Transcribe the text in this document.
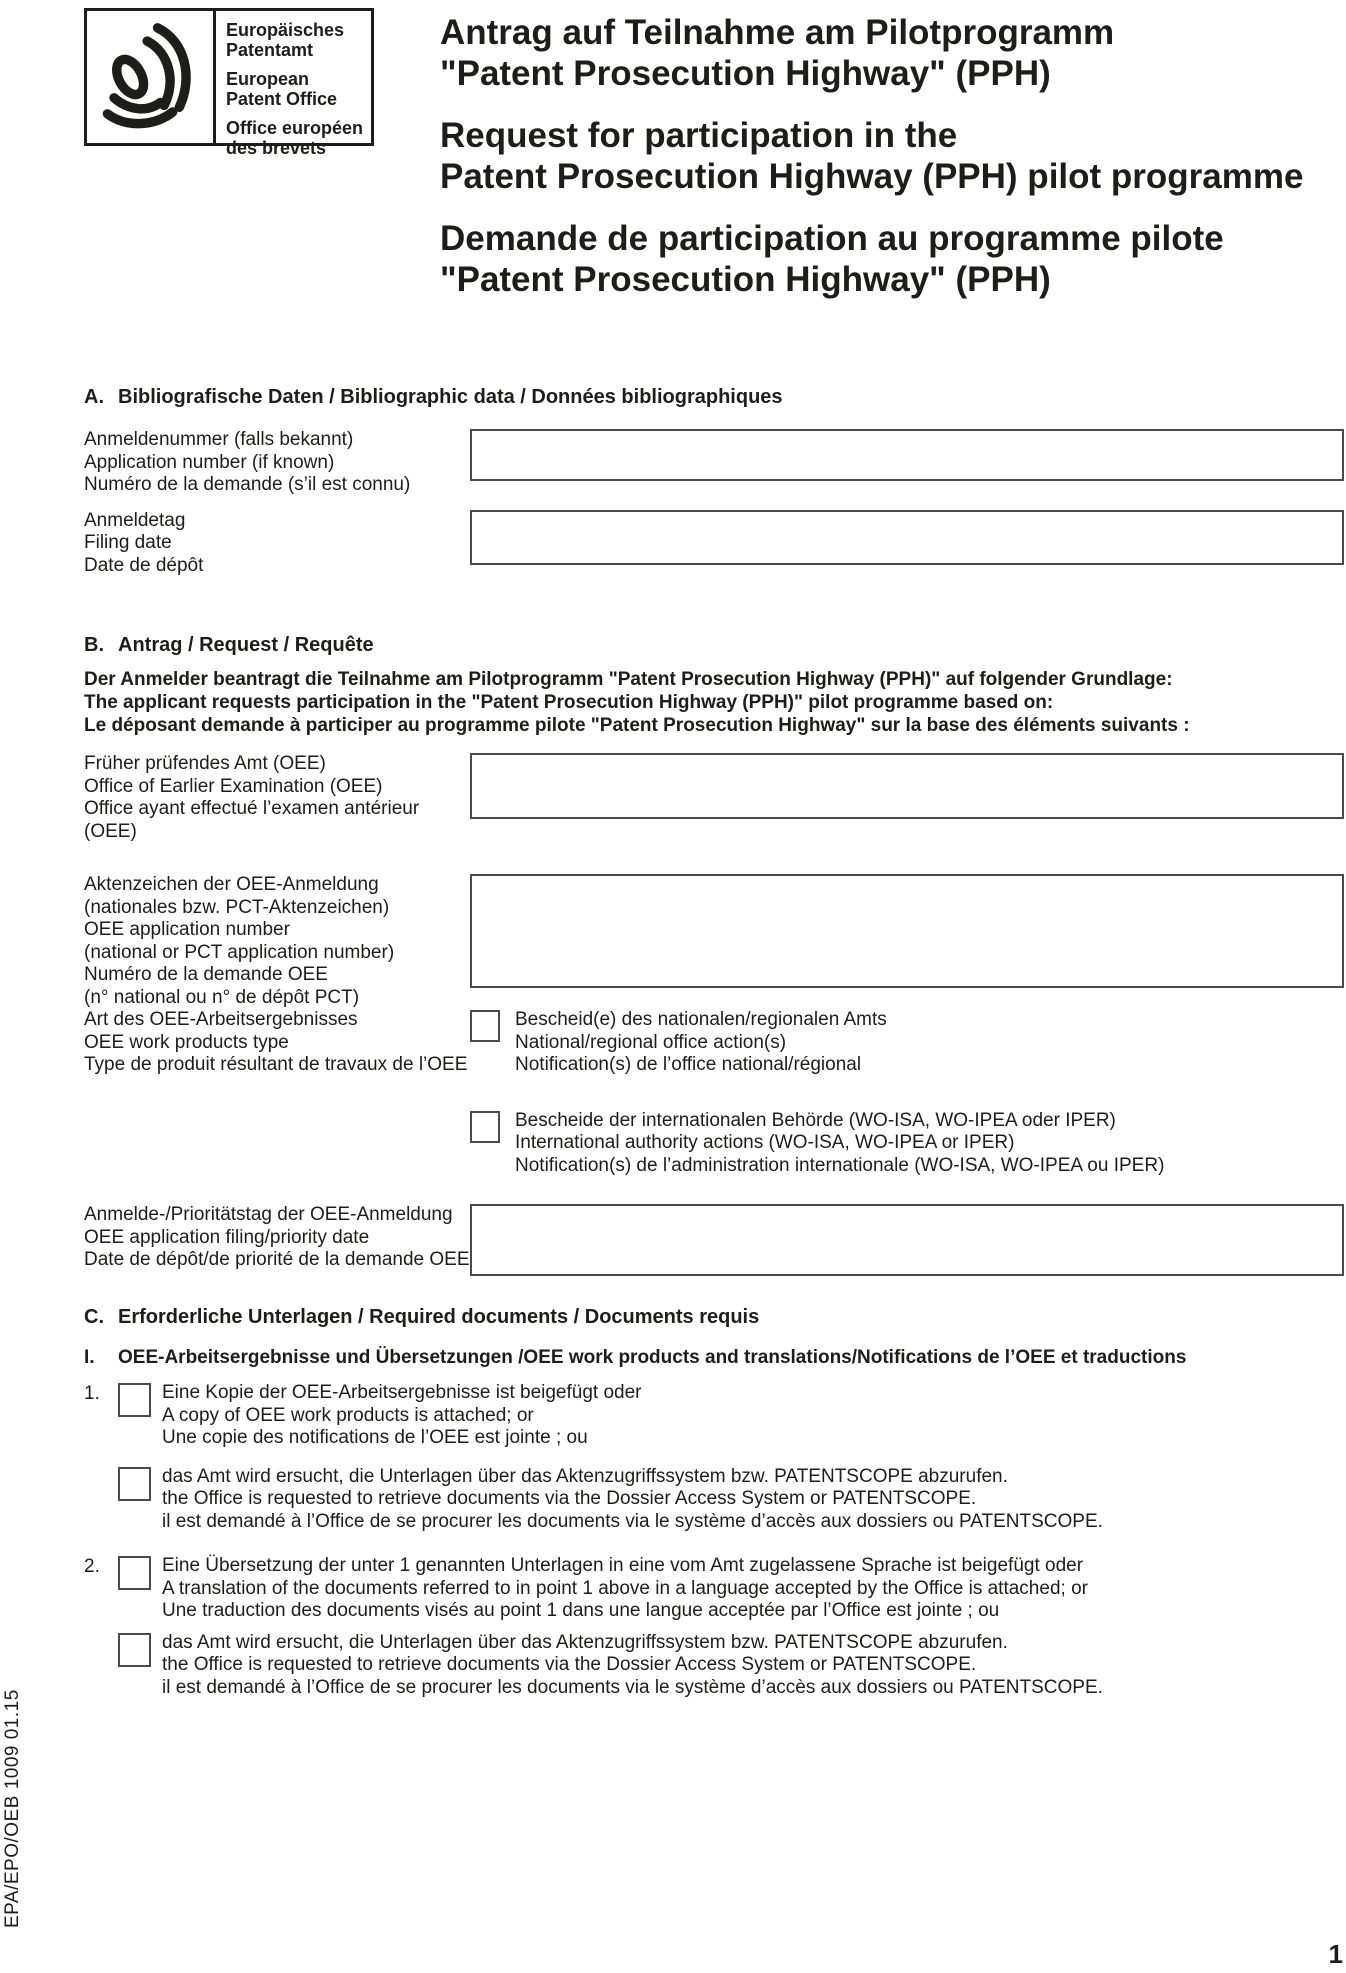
Europäisches
Patentamt
European
Patent Office
Office européen
des brevets
Antrag auf Teilnahme am Pilotprogramm
"Patent Prosecution Highway" (PPH)
Request for participation in the
Patent Prosecution Highway (PPH) pilot programme
Demande de participation au programme pilote
"Patent Prosecution Highway" (PPH)
A. Bibliografische Daten / Bibliographic data / Données bibliographiques
Anmeldenummer (falls bekannt)
Application number (if known)
Numéro de la demande (s’il est connu)
Anmeldetag
Filing date
Date de dépôt
B. Antrag / Request / Requête
Der Anmelder beantragt die Teilnahme am Pilotprogramm "Patent Prosecution Highway (PPH)" auf folgender Grundlage:
The applicant requests participation in the "Patent Prosecution Highway (PPH)" pilot programme based on:
Le déposant demande à participer au programme pilote "Patent Prosecution Highway" sur la base des éléments suivants :
Früher prüfendes Amt (OEE)
Office of Earlier Examination (OEE)
Office ayant effectué l’examen antérieur (OEE)
Aktenzeichen der OEE-Anmeldung
(nationales bzw. PCT-Aktenzeichen)
OEE application number
(national or PCT application number)
Numéro de la demande OEE
(n° national ou n° de dépôt PCT)
Art des OEE-Arbeitsergebnisses
OEE work products type
Type de produit résultant de travaux de l’OEE
Bescheid(e) des nationalen/regionalen Amts
National/regional office action(s)
Notification(s) de l’office national/régional
Bescheide der internationalen Behörde (WO-ISA, WO-IPEA oder IPER)
International authority actions (WO-ISA, WO-IPEA or IPER)
Notification(s) de l’administration internationale (WO-ISA, WO-IPEA ou IPER)
Anmelde-/Prioritätstag der OEE-Anmeldung
OEE application filing/priority date
Date de dépôt/de priorité de la demande OEE
C. Erforderliche Unterlagen / Required documents / Documents requis
I.	OEE-Arbeitsergebnisse und Übersetzungen /OEE work products and translations/Notifications de l’OEE et traductions
1.	Eine Kopie der OEE-Arbeitsergebnisse ist beigefügt oder
A copy of OEE work products is attached; or
Une copie des notifications de l’OEE est jointe ; ou
das Amt wird ersucht, die Unterlagen über das Aktenzugriffssystem bzw. PATENTSCOPE abzurufen.
the Office is requested to retrieve documents via the Dossier Access System or PATENTSCOPE.
il est demandé à l’Office de se procurer les documents via le système d’accès aux dossiers ou PATENTSCOPE.
2.	Eine Übersetzung der unter 1 genannten Unterlagen in eine vom Amt zugelassene Sprache ist beigefügt oder
A translation of the documents referred to in point 1 above in a language accepted by the Office is attached; or
Une traduction des documents visés au point 1 dans une langue acceptée par l’Office est jointe ; ou
das Amt wird ersucht, die Unterlagen über das Aktenzugriffssystem bzw. PATENTSCOPE abzurufen.
the Office is requested to retrieve documents via the Dossier Access System or PATENTSCOPE.
il est demandé à l’Office de se procurer les documents via le système d’accès aux dossiers ou PATENTSCOPE.
EPA/EPO/OEB 1009 01.15
1
